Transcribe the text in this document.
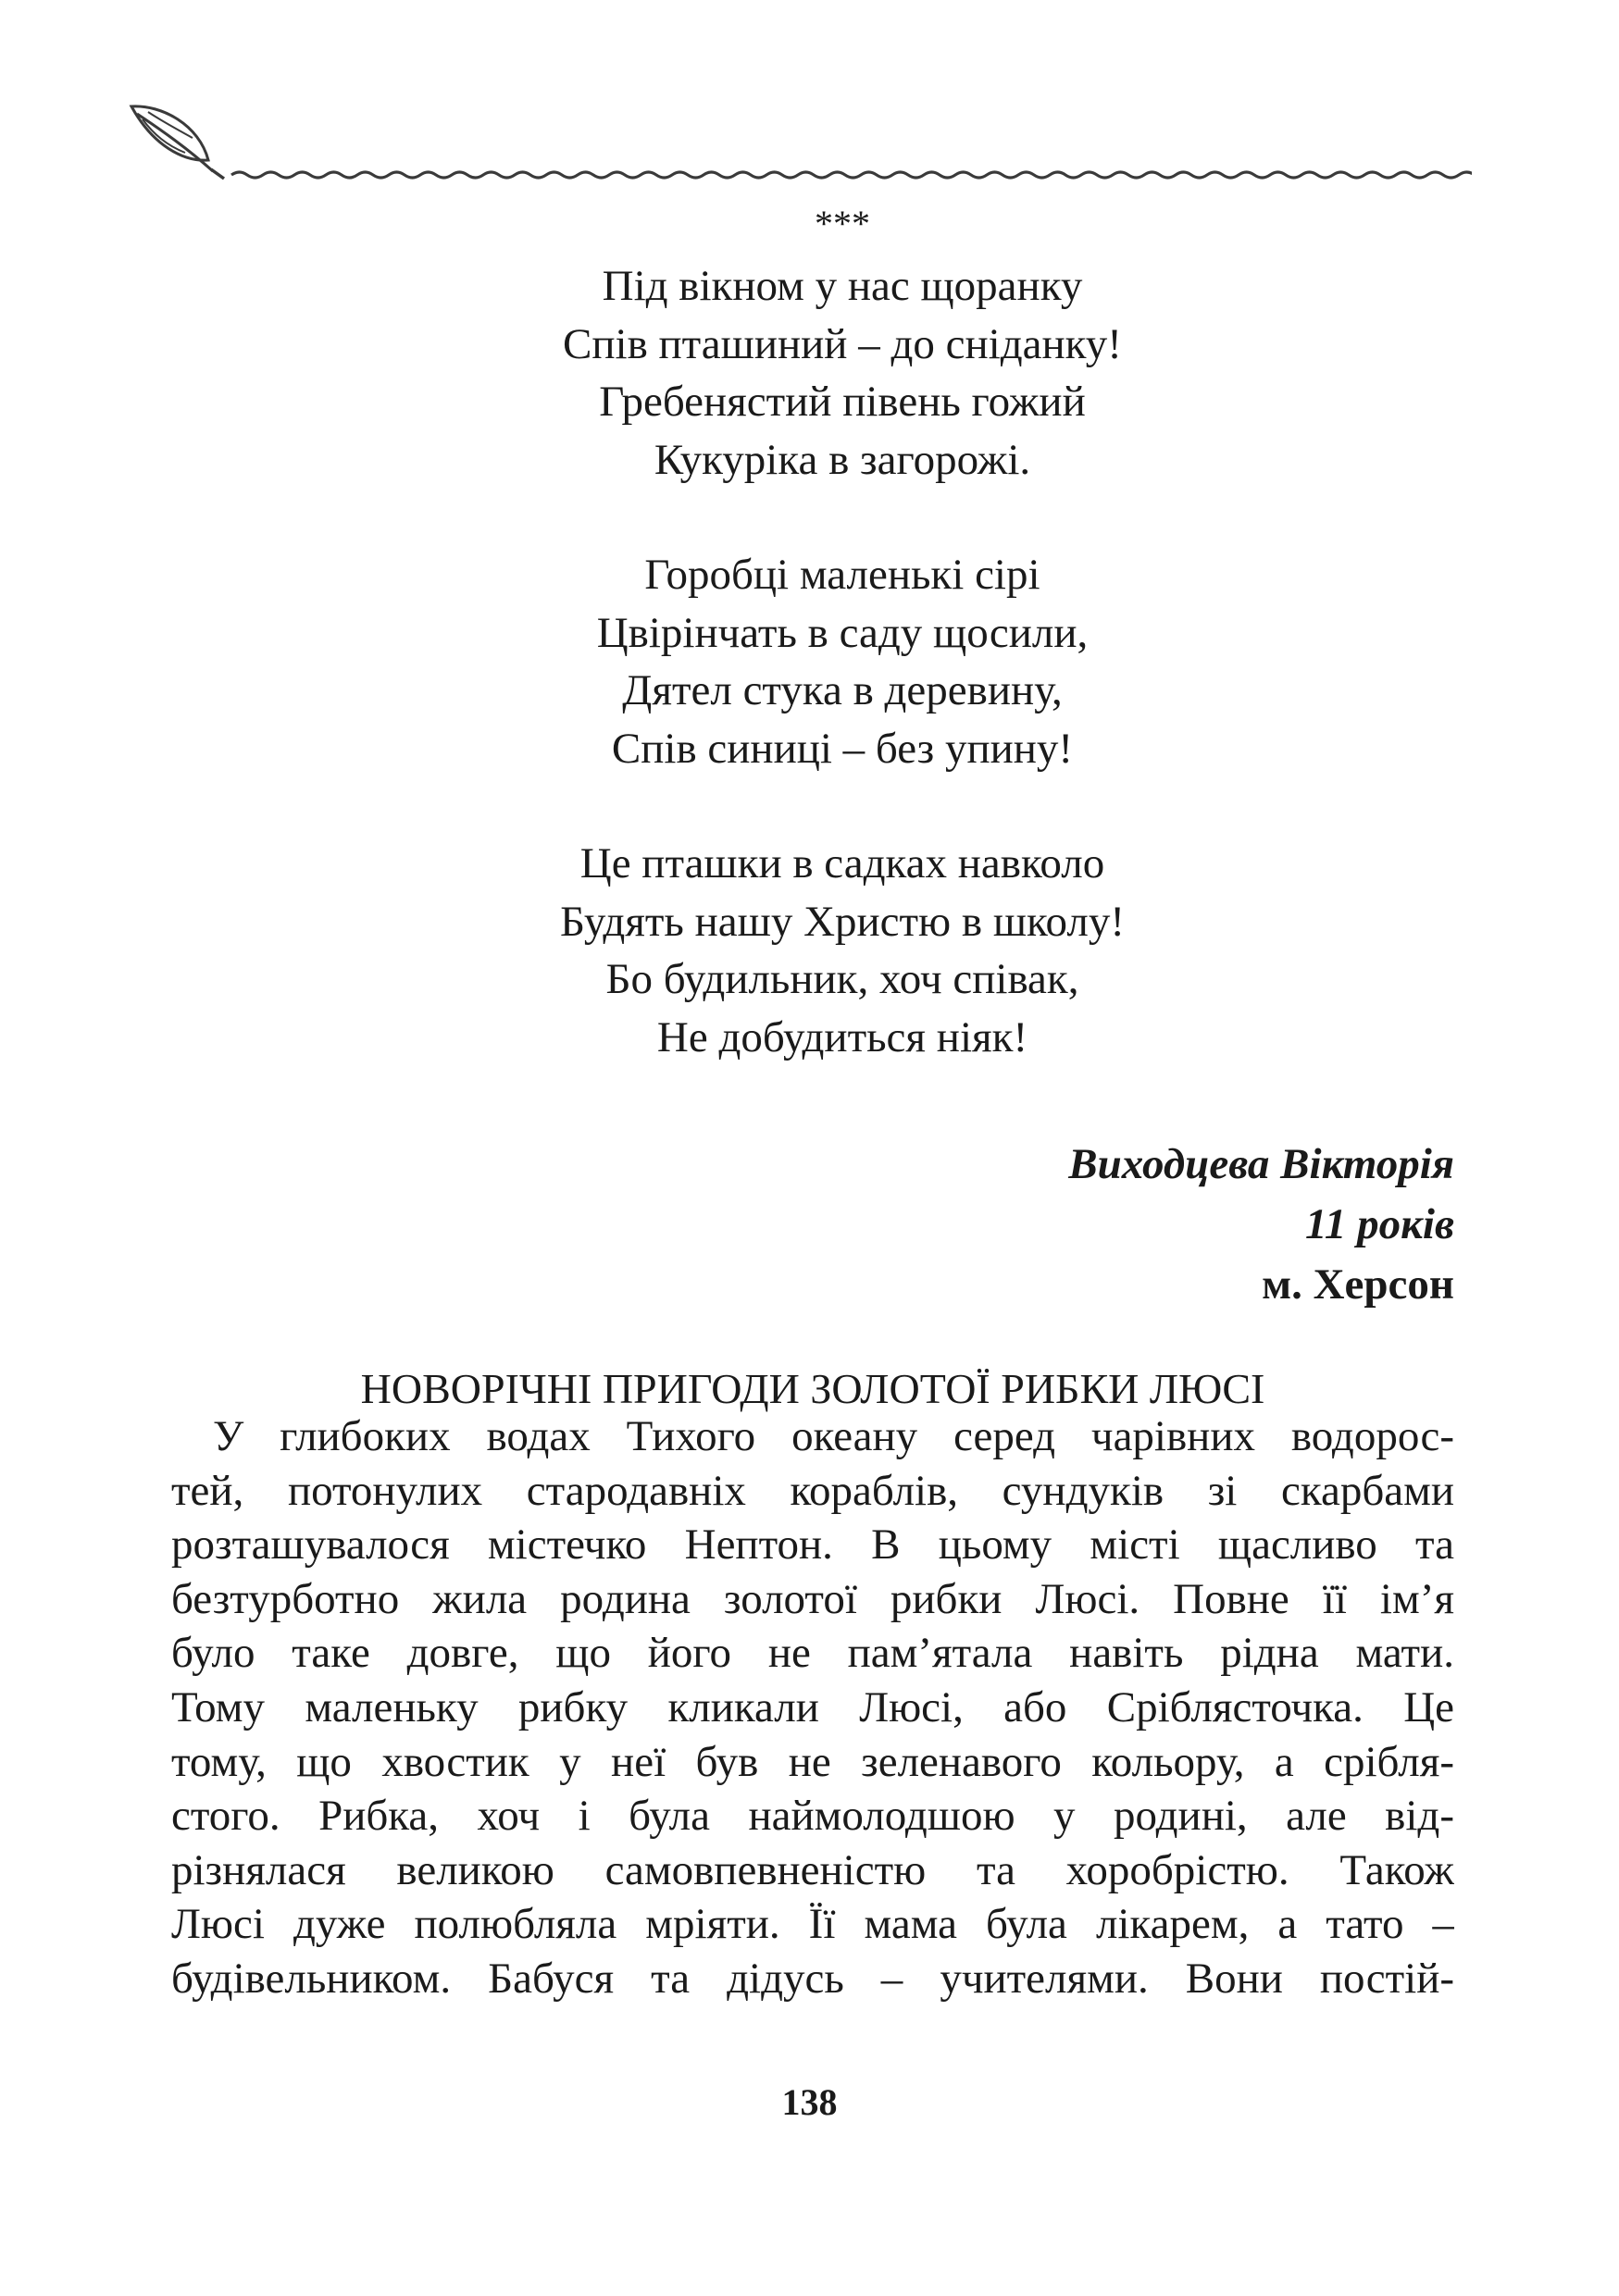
***
Під вікном у нас щоранку
Спів пташиний – до сніданку!
Гребенястий півень гожий
Кукуріка в загорожі.
Горобці маленькі сірі
Цвірінчать в саду щосили,
Дятел стука в деревину,
Спів синиці – без упину!
Це пташки в садках навколо
Будять нашу Христю в школу!
Бо будильник, хоч співак,
Не добудиться ніяк!
Виходцева Вікторія
11 років
м. Херсон
НОВОРІЧНІ ПРИГОДИ ЗОЛОТОЇ РИБКИ ЛЮСІ
У глибоких водах Тихого океану серед чарівних водорос-
тей, потонулих стародавніх кораблів, сундуків зі скарбами
розташувалося містечко Нептон. В цьому місті щасливо та
безтурботно жила родина золотої рибки Люсі. Повне її ім’я
було таке довге, що його не пам’ятала навіть рідна мати.
Тому маленьку рибку кликали Люсі, або Сріблясточка. Це
тому, що хвостик у неї був не зеленавого кольору, а срібля-
стого. Рибка, хоч і була наймолодшою у родині, але від-
різнялася великою самовпевненістю та хоробрістю. Також
Люсі дуже полюбляла мріяти. Її мама була лікарем, а тато –
будівельником. Бабуся та дідусь – учителями. Вони постій-
138
